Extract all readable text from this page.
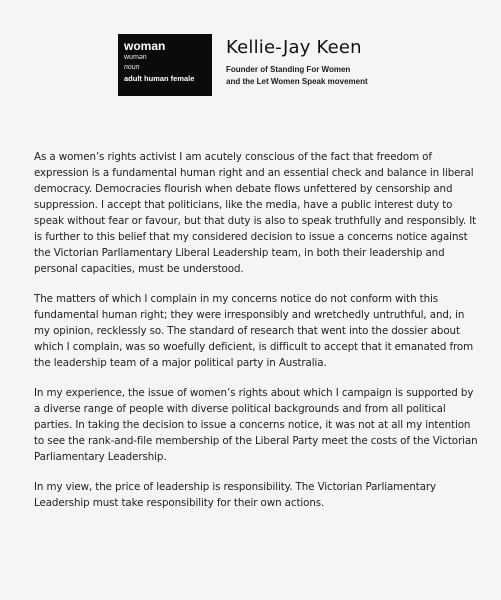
woman
wʊmən
noun
adult human female
Kellie-Jay Keen
Founder of Standing For Women
and the Let Women Speak movement

As a women’s rights activist I am acutely conscious of the fact that freedom of expression is a fundamental human right and an essential check and balance in liberal democracy. Democracies flourish when debate flows unfettered by censorship and suppression. I accept that politicians, like the media, have a public interest duty to speak without fear or favour, but that duty is also to speak truthfully and responsibly. It is further to this belief that my considered decision to issue a concerns notice against the Victorian Parliamentary Liberal Leadership team, in both their leadership and personal capacities, must be understood.

The matters of which I complain in my concerns notice do not conform with this fundamental human right; they were irresponsibly and wretchedly untruthful, and, in my opinion, recklessly so. The standard of research that went into the dossier about which I complain, was so woefully deficient, is difficult to accept that it emanated from the leadership team of a major political party in Australia.

In my experience, the issue of women’s rights about which I campaign is supported by a diverse range of people with diverse political backgrounds and from all political parties. In taking the decision to issue a concerns notice, it was not at all my intention to see the rank-and-file membership of the Liberal Party meet the costs of the Victorian Parliamentary Leadership.

In my view, the price of leadership is responsibility. The Victorian Parliamentary Leadership must take responsibility for their own actions.
